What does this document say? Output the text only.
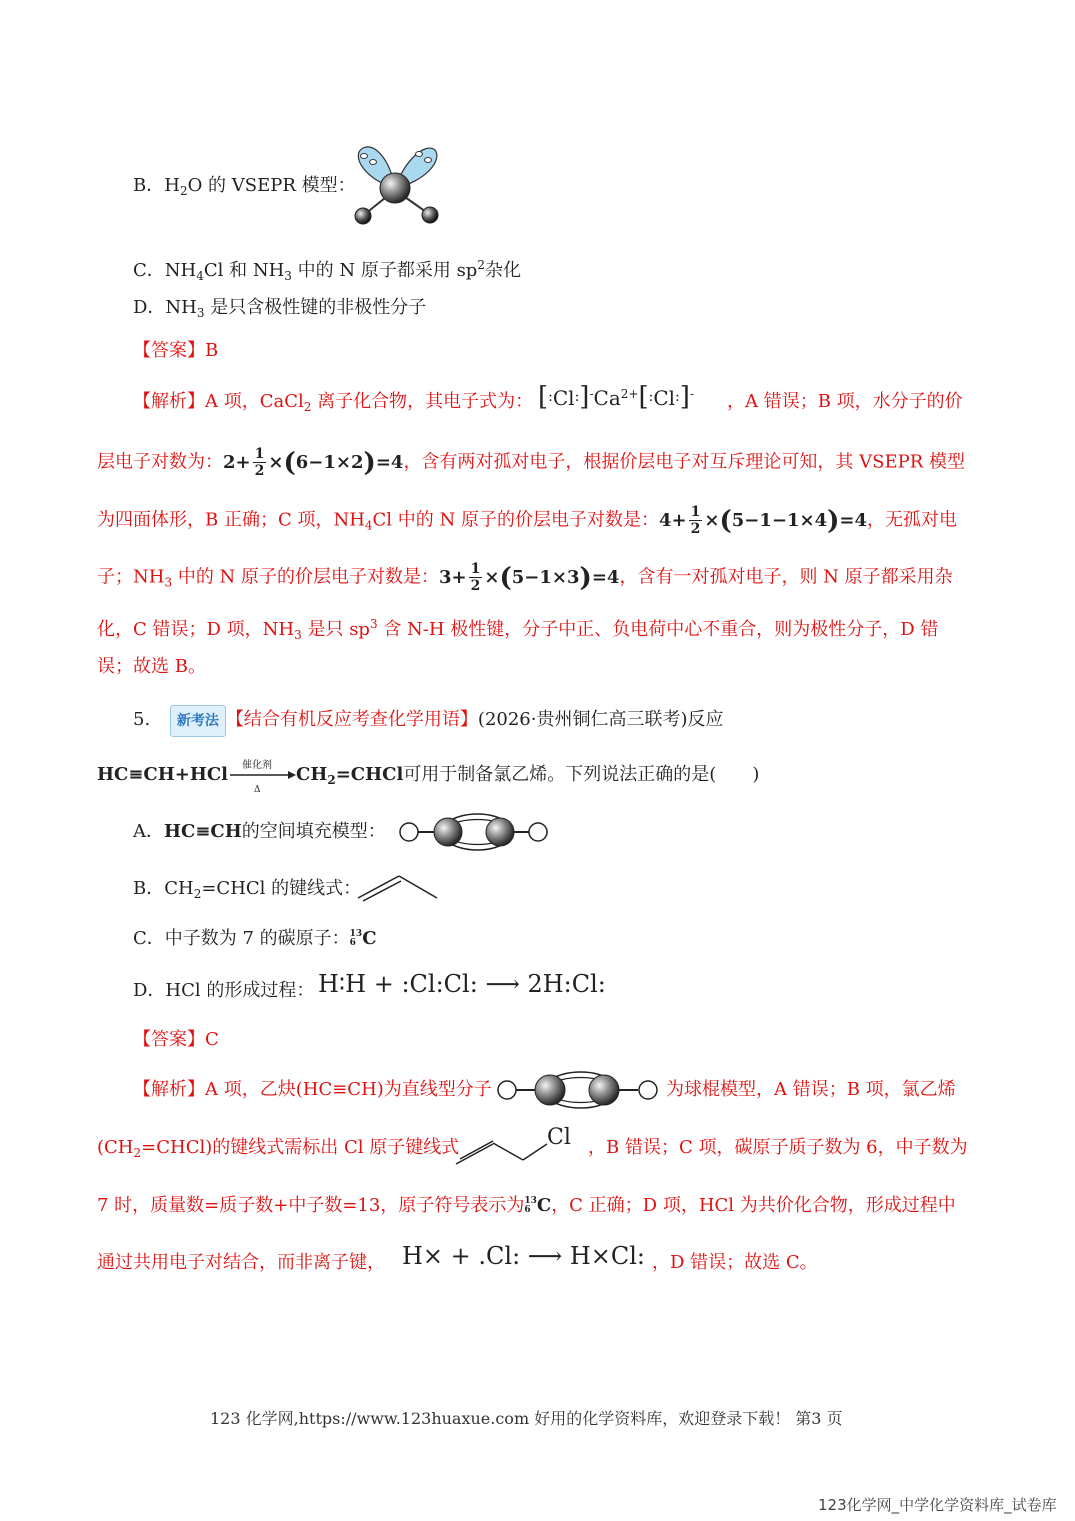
B．$H_2O$ 的 VSEPR 模型：
C．$NH_4Cl$ 和 $NH_3$ 中的 N 原子都采用 $sp^2$杂化
D．$NH_3$ 是只含极性键的非极性分子
【答案】B
【解析】A 项，CaCl$_2$ 离子化合物，其电子式为： $[^:Cl^:]^-Ca^{2+}[^:Cl^:]^-$ ，A 错误；B 项，水分子的价
层电子对数为：$2+ \frac{1}{2} \times(6-1\times 2)=4$，含有两对孤对电子，根据价层电子对互斥理论可知，其 VSEPR 模型
为四面体形，B 正确；C 项，$NH_4Cl$ 中的 N 原子的价层电子对数是：$4+ \frac{1}{2} \times(5-1-1\times 4)=4$，无孤对电
子；$NH_3$ 中的 N 原子的价层电子对数是：$3+ \frac{1}{2} \times(5-1\times 3)=4$，含有一对孤对电子，则 N 原子都采用杂
化，C 错误；D 项，$NH_3$ 是只 $sp^3$ 含 N-H 极性键，分子中正、负电荷中心不重合，则为极性分子，D 错
误；故选 B。
5. 新考法 【结合有机反应考查化学用语】(2026·贵州铜仁高三联考)反应
HC≡CH+HCl 催化剂
Δ
$CH_2=CHCl$可用于制备氯乙烯。下列说法正确的是(　　)
A．HC≡CH的空间填充模型：
B．$CH_2=CHCl$ 的键线式：
C．中子数为 7 的碳原子： 13
6 C
D．HCl 的形成过程： H∶H + :Cl:Cl: ⟶ 2H:Cl:
【答案】C
【解析】A 项，乙炔(HC≡CH)为直线型分子	为球棍模型，A 错误；B 项，氯乙烯
$(CH_2=CHCl)$的键线式需标出 Cl 原子键线式	Cl ，B 错误；C 项，碳原子质子数为 6，中子数为
7 时，质量数=质子数+中子数=13，原子符号表示为 13
6 C，C 正确；D 项，HCl 为共价化合物，形成过程中
通过共用电子对结合，而非离子键， H× + .Cl: ⟶ H×Cl: ，D 错误；故选 C。
123 化学网,https://www.123huaxue.com 好用的化学资料库，欢迎登录下载！ 第3 页
123化学网_中学化学资料库_试卷库
